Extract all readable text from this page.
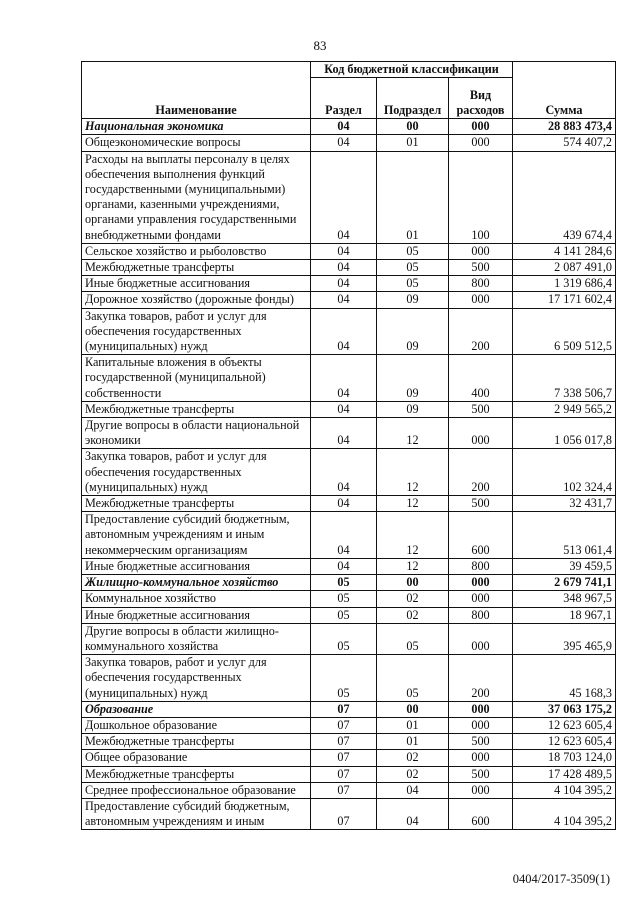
83
Наименование	Код бюджетной классификации			Сумма
	Раздел	Подраздел	Вид расходов	
Национальная экономика	04	00	000	28 883 473,4
Общеэкономические вопросы	04	01	000	574 407,2
Расходы на выплаты персоналу в целях обеспечения выполнения функций государственными (муниципальными) органами, казенными учреждениями, органами управления государственными внебюджетными фондами	04	01	100	439 674,4
Сельское хозяйство и рыболовство	04	05	000	4 141 284,6
Межбюджетные трансферты	04	05	500	2 087 491,0
Иные бюджетные ассигнования	04	05	800	1 319 686,4
Дорожное хозяйство (дорожные фонды)	04	09	000	17 171 602,4
Закупка товаров, работ и услуг для обеспечения государственных (муниципальных) нужд	04	09	200	6 509 512,5
Капитальные вложения в объекты государственной (муниципальной) собственности	04	09	400	7 338 506,7
Межбюджетные трансферты	04	09	500	2 949 565,2
Другие вопросы в области национальной экономики	04	12	000	1 056 017,8
Закупка товаров, работ и услуг для обеспечения государственных (муниципальных) нужд	04	12	200	102 324,4
Межбюджетные трансферты	04	12	500	32 431,7
Предоставление субсидий бюджетным, автономным учреждениям и иным некоммерческим организациям	04	12	600	513 061,4
Иные бюджетные ассигнования	04	12	800	39 459,5
Жилищно-коммунальное хозяйство	05	00	000	2 679 741,1
Коммунальное хозяйство	05	02	000	348 967,5
Иные бюджетные ассигнования	05	02	800	18 967,1
Другие вопросы в области жилищно-коммунального хозяйства	05	05	000	395 465,9
Закупка товаров, работ и услуг для обеспечения государственных (муниципальных) нужд	05	05	200	45 168,3
Образование	07	00	000	37 063 175,2
Дошкольное образование	07	01	000	12 623 605,4
Межбюджетные трансферты	07	01	500	12 623 605,4
Общее образование	07	02	000	18 703 124,0
Межбюджетные трансферты	07	02	500	17 428 489,5
Среднее профессиональное образование	07	04	000	4 104 395,2
Предоставление субсидий бюджетным, автономным учреждениям и иным	07	04	600	4 104 395,2
0404/2017-3509(1)
